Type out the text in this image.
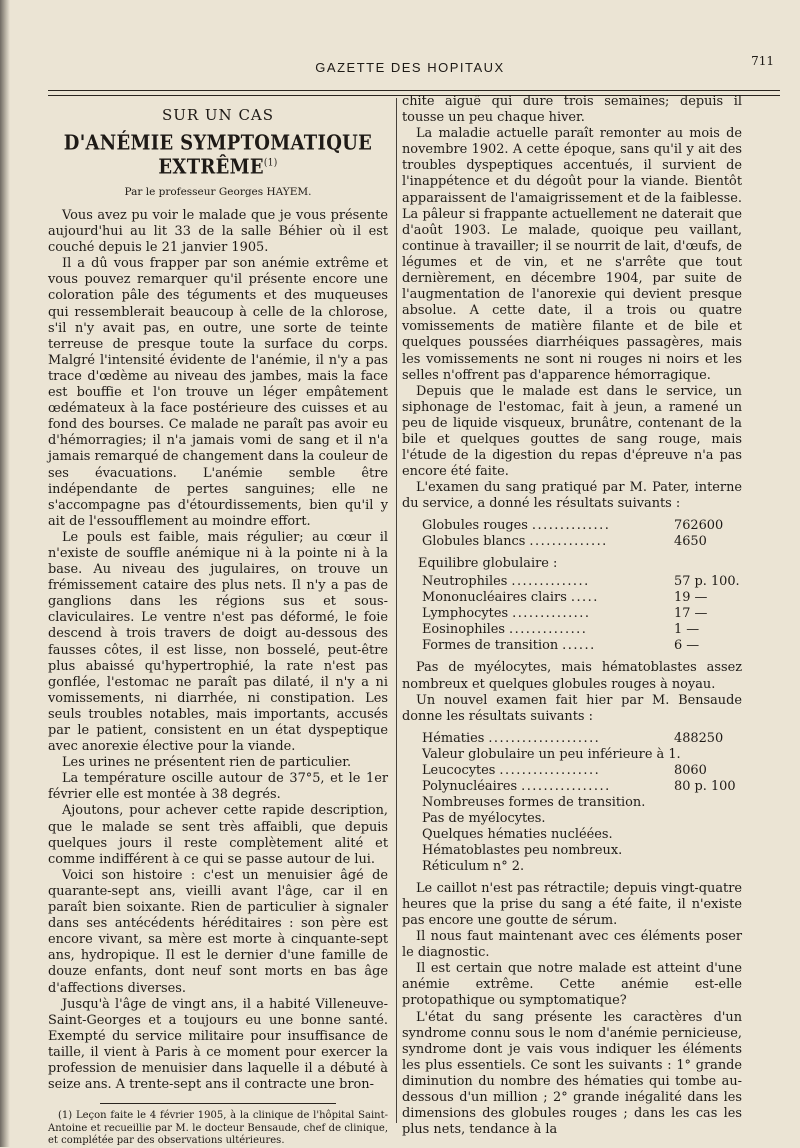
GAZETTE DES HOPITAUX	711
SUR UN CAS
D'ANÉMIE SYMPTOMATIQUE EXTRÊME$^{(1)}$
Par le professeur Georges HAYEM.

Vous avez pu voir le malade que je vous présente aujourd'hui au lit 33 de la salle Béhier où il est couché depuis le 21 janvier 1905.

Il a dû vous frapper par son anémie extrême et vous pouvez remarquer qu'il présente encore une coloration pâle des téguments et des muqueuses qui ressemblerait beaucoup à celle de la chlorose, s'il n'y avait pas, en outre, une sorte de teinte terreuse de presque toute la surface du corps. Malgré l'intensité évidente de l'anémie, il n'y a pas trace d'œdème au niveau des jambes, mais la face est bouffie et l'on trouve un léger empâtement œdémateux à la face postérieure des cuisses et au fond des bourses. Ce malade ne paraît pas avoir eu d'hémorragies; il n'a jamais vomi de sang et il n'a jamais remarqué de changement dans la couleur de ses évacuations. L'anémie semble être indépendante de pertes sanguines; elle ne s'accompagne pas d'étourdissements, bien qu'il y ait de l'essoufflement au moindre effort.

Le pouls est faible, mais régulier; au cœur il n'existe de souffle anémique ni à la pointe ni à la base. Au niveau des jugulaires, on trouve un frémissement cataire des plus nets. Il n'y a pas de ganglions dans les régions sus et sous-claviculaires. Le ventre n'est pas déformé, le foie descend à trois travers de doigt au-dessous des fausses côtes, il est lisse, non bosselé, peut-être plus abaissé qu'hypertrophié, la rate n'est pas gonflée, l'estomac ne paraît pas dilaté, il n'y a ni vomissements, ni diarrhée, ni constipation. Les seuls troubles notables, mais importants, accusés par le patient, consistent en un état dyspeptique avec anorexie élective pour la viande.

Les urines ne présentent rien de particulier.

La température oscille autour de 37°5, et le 1er février elle est montée à 38 degrés.

Ajoutons, pour achever cette rapide description, que le malade se sent très affaibli, que depuis quelques jours il reste complètement alité et comme indifférent à ce qui se passe autour de lui.

Voici son histoire : c'est un menuisier âgé de quarante-sept ans, vieilli avant l'âge, car il en paraît bien soixante. Rien de particulier à signaler dans ses antécédents héréditaires : son père est encore vivant, sa mère est morte à cinquante-sept ans, hydropique. Il est le dernier d'une famille de douze enfants, dont neuf sont morts en bas âge d'affections diverses.

Jusqu'à l'âge de vingt ans, il a habité Villeneuve-Saint-Georges et a toujours eu une bonne santé. Exempté du service militaire pour insuffisance de taille, il vient à Paris à ce moment pour exercer la profession de menuisier dans laquelle il a débuté à seize ans. A trente-sept ans il contracte une bron-

(1) Leçon faite le 4 février 1905, à la clinique de l'hôpital Saint-Antoine et recueillie par M. le docteur Bensaude, chef de clinique, et complétée par des observations ultérieures.

chite aiguë qui dure trois semaines; depuis il tousse un peu chaque hiver.

La maladie actuelle paraît remonter au mois de novembre 1902. A cette époque, sans qu'il y ait des troubles dyspeptiques accentués, il survient de l'inappétence et du dégoût pour la viande. Bientôt apparaissent de l'amaigrissement et de la faiblesse. La pâleur si frappante actuellement ne daterait que d'août 1903. Le malade, quoique peu vaillant, continue à travailler; il se nourrit de lait, d'œufs, de légumes et de vin, et ne s'arrête que tout dernièrement, en décembre 1904, par suite de l'augmentation de l'anorexie qui devient presque absolue. A cette date, il a trois ou quatre vomissements de matière filante et de bile et quelques poussées diarrhéiques passagères, mais les vomissements ne sont ni rouges ni noirs et les selles n'offrent pas d'apparence hémorragique.

Depuis que le malade est dans le service, un siphonage de l'estomac, fait à jeun, a ramené un peu de liquide visqueux, brunâtre, contenant de la bile et quelques gouttes de sang rouge, mais l'étude de la digestion du repas d'épreuve n'a pas encore été faite.

L'examen du sang pratiqué par M. Pater, interne du service, a donné les résultats suivants :

Globules rouges ..............	762600
Globules blancs ..............	4650
Equilibre globulaire :
Neutrophiles ..............	57 p. 100.
Mononucléaires clairs .....	19 —
Lymphocytes ..............	17 —
Eosinophiles ..............	1 —
Formes de transition ......	6 —

Pas de myélocytes, mais hématoblastes assez nombreux et quelques globules rouges à noyau.

Un nouvel examen fait hier par M. Bensaude donne les résultats suivants :

Hématies ....................	488250
Valeur globulaire un peu inférieure à 1.
Leucocytes ..................	8060
Polynucléaires ................	80 p. 100
Nombreuses formes de transition.
Pas de myélocytes.
Quelques hématies nucléées.
Hématoblastes peu nombreux.
Réticulum n° 2.

Le caillot n'est pas rétractile; depuis vingt-quatre heures que la prise du sang a été faite, il n'existe pas encore une goutte de sérum.

Il nous faut maintenant avec ces éléments poser le diagnostic.

Il est certain que notre malade est atteint d'une anémie extrême. Cette anémie est-elle protopathique ou symptomatique?

L'état du sang présente les caractères d'un syndrome connu sous le nom d'anémie pernicieuse, syndrome dont je vais vous indiquer les éléments les plus essentiels. Ce sont les suivants : 1° grande diminution du nombre des hématies qui tombe au-dessous d'un million ; 2° grande inégalité dans les dimensions des globules rouges ; dans les cas les plus nets, tendance à la
